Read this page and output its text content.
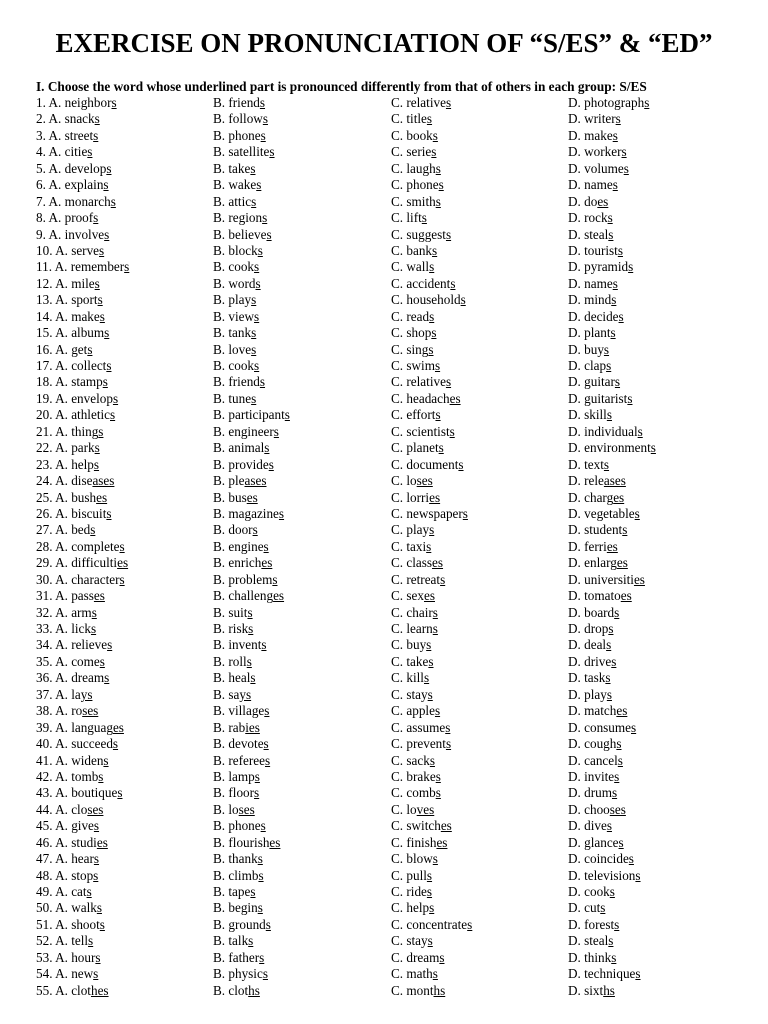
EXERCISE ON PRONUNCIATION OF “S/ES” & “ED”
I. Choose the word whose underlined part is pronounced differently from that of others in each group: S/ES
1. A. neighbors	B. friends	C. relatives	D. photographs
2. A. snacks	B. follows	C. titles	D. writers
3. A. streets	B. phones	C. books	D. makes
4. A. cities	B. satellites	C. series	D. workers
5. A. develops	B. takes	C. laughs	D. volumes
6. A. explains	B. wakes	C. phones	D. names
7. A. monarchs	B. attics	C. smiths	D. does
8. A. proofs	B. regions	C. lifts	D. rocks
9. A. involves	B. believes	C. suggests	D. steals
10. A. serves	B. blocks	C. banks	D. tourists
11. A. remembers	B. cooks	C. walls	D. pyramids
12. A. miles	B. words	C. accidents	D. names
13. A. sports	B. plays	C. households	D. minds
14. A. makes	B. views	C. reads	D. decides
15. A. albums	B. tanks	C. shops	D. plants
16. A. gets	B. loves	C. sings	D. buys
17. A. collects	B. cooks	C. swims	D. claps
18. A. stamps	B. friends	C. relatives	D. guitars
19. A. envelops	B. tunes	C. headaches	D. guitarists
20. A. athletics	B. participants	C. efforts	D. skills
21. A. things	B. engineers	C. scientists	D. individuals
22. A. parks	B. animals	C. planets	D. environments
23. A. helps	B. provides	C. documents	D. texts
24. A. diseases	B. pleases	C. loses	D. releases
25. A. bushes	B. buses	C. lorries	D. charges
26. A. biscuits	B. magazines	C. newspapers	D. vegetables
27. A. beds	B. doors	C. plays	D. students
28. A. completes	B. engines	C. taxis	D. ferries
29. A. difficulties	B. enriches	C. classes	D. enlarges
30. A. characters	B. problems	C. retreats	D. universities
31. A. passes	B. challenges	C. sexes	D. tomatoes
32. A. arms	B. suits	C. chairs	D. boards
33. A. licks	B. risks	C. learns	D. drops
34. A. relieves	B. invents	C. buys	D. deals
35. A. comes	B. rolls	C. takes	D. drives
36. A. dreams	B. heals	C. kills	D. tasks
37. A. lays	B. says	C. stays	D. plays
38. A. roses	B. villages	C. apples	D. matches
39. A. languages	B. rabies	C. assumes	D. consumes
40. A. succeeds	B. devotes	C. prevents	D. coughs
41. A. widens	B. referees	C. sacks	D. cancels
42. A. tombs	B. lamps	C. brakes	D. invites
43. A. boutiques	B. floors	C. combs	D. drums
44. A. closes	B. loses	C. loves	D. chooses
45. A. gives	B. phones	C. switches	D. dives
46. A. studies	B. flourishes	C. finishes	D. glances
47. A. hears	B. thanks	C. blows	D. coincides
48. A. stops	B. climbs	C. pulls	D. televisions
49. A. cats	B. tapes	C. rides	D. cooks
50. A. walks	B. begins	C. helps	D. cuts
51. A. shoots	B. grounds	C. concentrates	D. forests
52. A. tells	B. talks	C. stays	D. steals
53. A. hours	B. fathers	C. dreams	D. thinks
54. A. news	B. physics	C. maths	D. techniques
55. A. clothes	B. cloths	C. months	D. sixths
